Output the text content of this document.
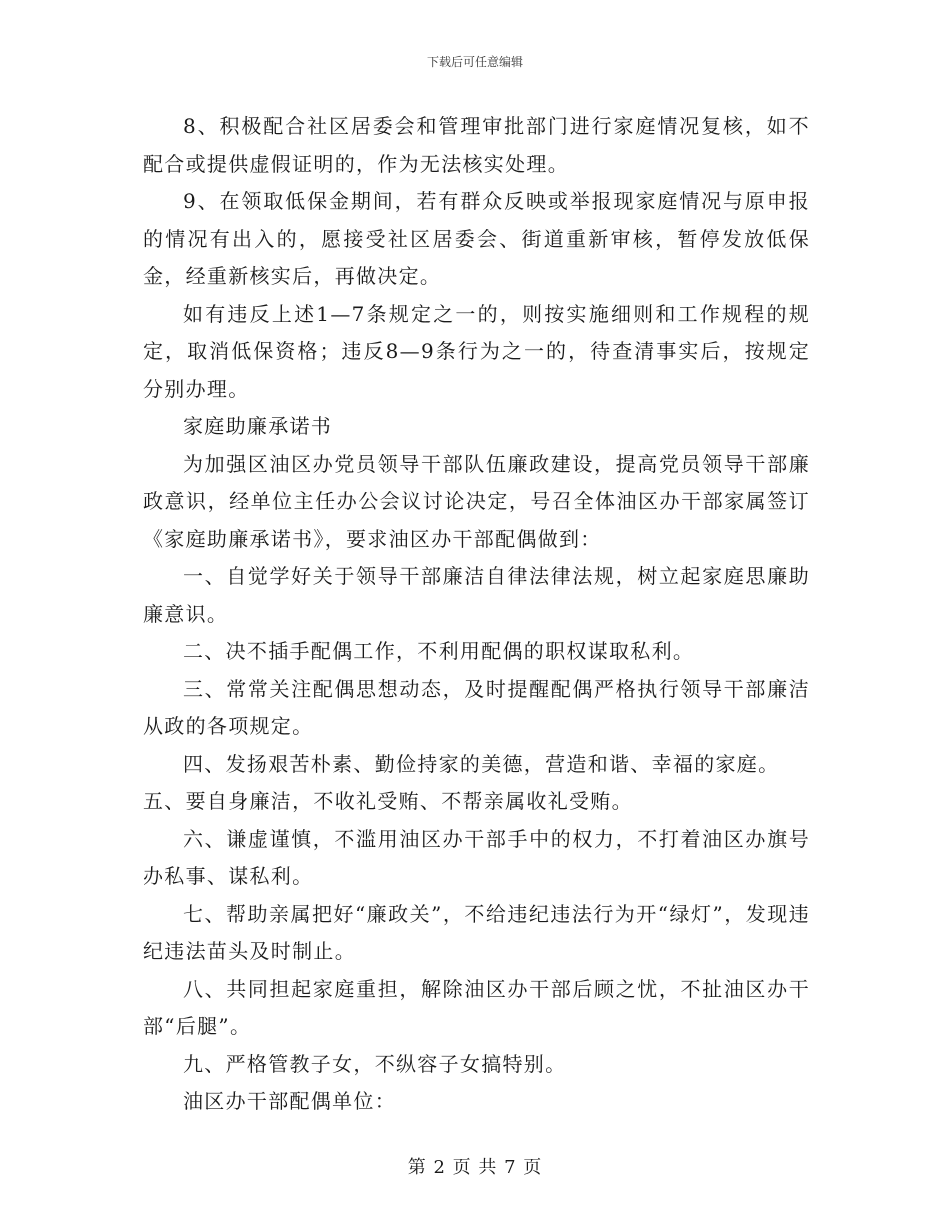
下载后可任意编辑

8、积极配合社区居委会和管理审批部门进行家庭情况复核，如不配合或提供虚假证明的，作为无法核实处理。

9、在领取低保金期间，若有群众反映或举报现家庭情况与原申报的情况有出入的，愿接受社区居委会、街道重新审核，暂停发放低保金，经重新核实后，再做决定。

如有违反上述1—7条规定之一的，则按实施细则和工作规程的规定，取消低保资格；违反8—9条行为之一的，待查清事实后，按规定分别办理。

家庭助廉承诺书

为加强区油区办党员领导干部队伍廉政建设，提高党员领导干部廉政意识，经单位主任办公会议讨论决定，号召全体油区办干部家属签订《家庭助廉承诺书》，要求油区办干部配偶做到：

一、自觉学好关于领导干部廉洁自律法律法规，树立起家庭思廉助廉意识。

二、决不插手配偶工作，不利用配偶的职权谋取私利。

三、常常关注配偶思想动态，及时提醒配偶严格执行领导干部廉洁从政的各项规定。

四、发扬艰苦朴素、勤俭持家的美德，营造和谐、幸福的家庭。

五、要自身廉洁，不收礼受贿、不帮亲属收礼受贿。

六、谦虚谨慎，不滥用油区办干部手中的权力，不打着油区办旗号办私事、谋私利。

七、帮助亲属把好“廉政关”，不给违纪违法行为开“绿灯”，发现违纪违法苗头及时制止。

八、共同担起家庭重担，解除油区办干部后顾之忧，不扯油区办干部“后腿”。

九、严格管教子女，不纵容子女搞特别。

油区办干部配偶单位：

第 2 页 共 7 页
